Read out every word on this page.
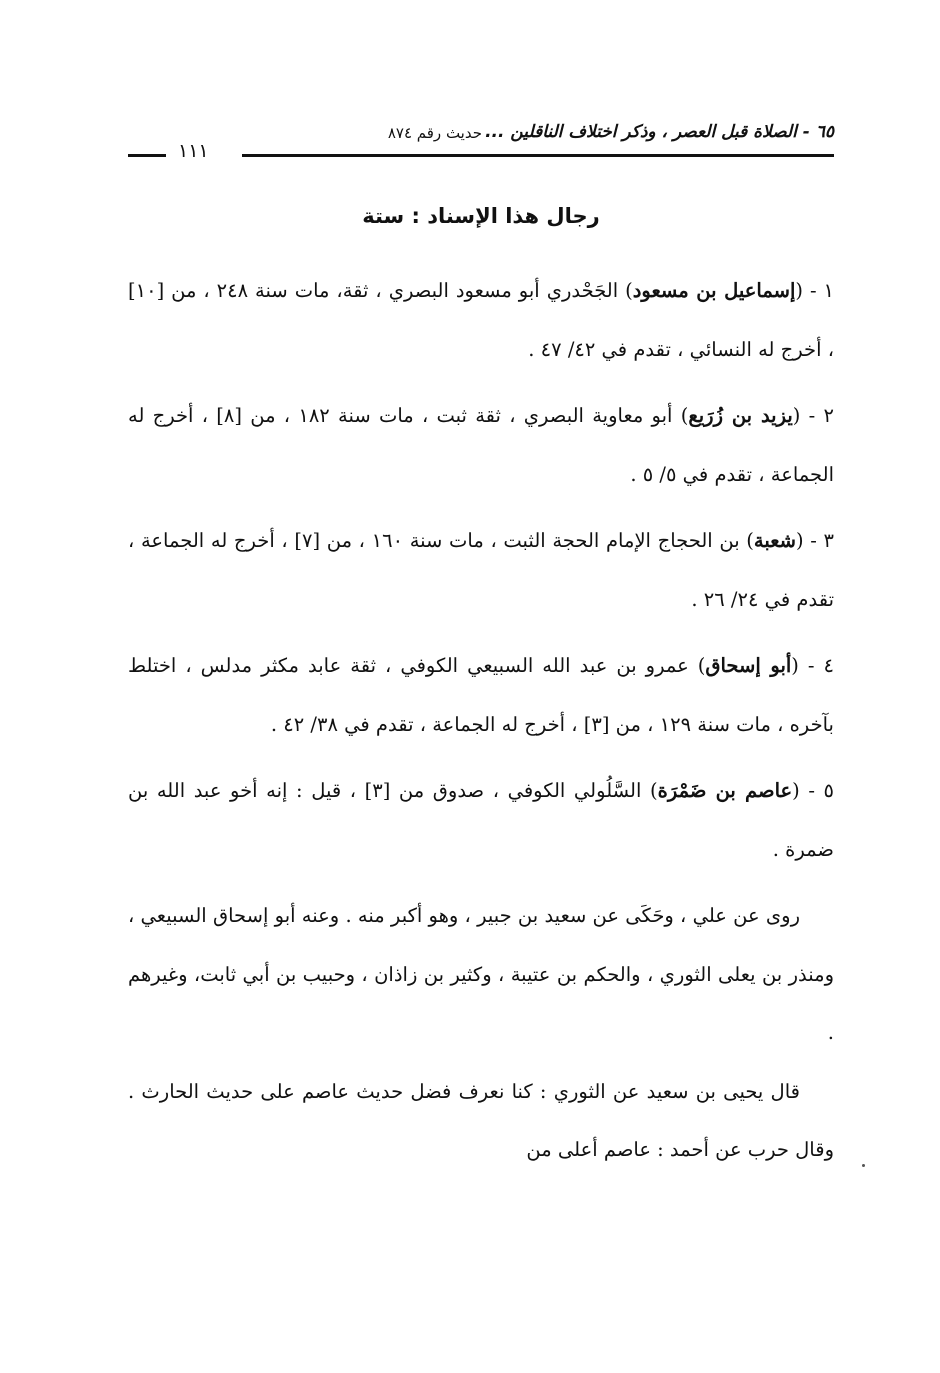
٦٥ - الصلاة قبل العصر ، وذكر اختلاف الناقلين ...
حديث رقم ٨٧٤
١١١
رجال هذا الإسناد : ستة

١ - (إسماعيل بن مسعود) الجَحْدري أبو مسعود البصري ، ثقة، مات سنة ٢٤٨ ، من [١٠] ، أخرج له النسائي ، تقدم في ٤٢/ ٤٧ .

٢ - (يزيد بن زُرَيع) أبو معاوية البصري ، ثقة ثبت ، مات سنة ١٨٢ ، من [٨] ، أخرج له الجماعة ، تقدم في ٥/ ٥ .

٣ - (شعبة) بن الحجاج الإمام الحجة الثبت ، مات سنة ١٦٠ ، من [٧] ، أخرج له الجماعة ، تقدم في ٢٤/ ٢٦ .

٤ - (أبو إسحاق) عمرو بن عبد الله السبيعي الكوفي ، ثقة عابد مكثر مدلس ، اختلط بآخره ، مات سنة ١٢٩ ، من [٣] ، أخرج له الجماعة ، تقدم في ٣٨/ ٤٢ .

٥ - (عاصم بن ضَمْرَة) السَّلُولي الكوفي ، صدوق من [٣] ، قيل : إنه أخو عبد الله بن ضمرة .

روى عن علي ، وحَكَى عن سعيد بن جبير ، وهو أكبر منه . وعنه أبو إسحاق السبيعي ، ومنذر بن يعلى الثوري ، والحكم بن عتيبة ، وكثير بن زاذان ، وحبيب بن أبي ثابت، وغيرهم .

قال يحيى بن سعيد عن الثوري : كنا نعرف فضل حديث عاصم على حديث الحارث . وقال حرب عن أحمد : عاصم أعلى من
